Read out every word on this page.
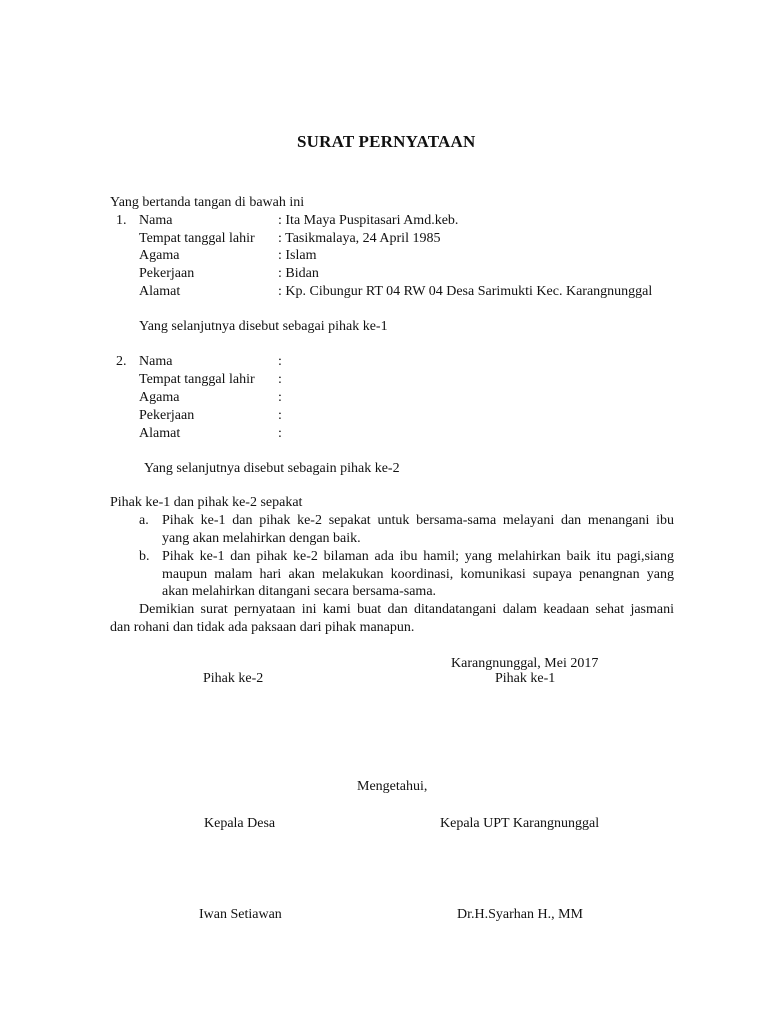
SURAT PERNYATAAN
Yang bertanda tangan di bawah ini
1. Nama	: Ita Maya Puspitasari Amd.keb.
Tempat tanggal lahir : Tasikmalaya, 24 April 1985
Agama	: Islam
Pekerjaan	: Bidan
Alamat	: Kp. Cibungur RT 04 RW 04 Desa Sarimukti Kec. Karangnunggal
Yang selanjutnya disebut sebagai pihak ke-1
2. Nama	:
Tempat tanggal lahir :
Agama	:
Pekerjaan	:
Alamat	:
Yang selanjutnya disebut sebagain pihak ke-2
Pihak ke-1 dan pihak ke-2 sepakat
a. Pihak ke-1 dan pihak ke-2 sepakat untuk bersama-sama melayani dan menangani ibu
yang akan melahirkan dengan baik.
b. Pihak ke-1 dan pihak ke-2 bilaman ada ibu hamil; yang melahirkan baik itu pagi,siang
maupun malam hari akan melakukan koordinasi, komunikasi supaya penangnan yang
akan melahirkan ditangani secara bersama-sama.
Demikian surat pernyataan ini kami buat dan ditandatangani dalam keadaan sehat jasmani
dan rohani dan tidak ada paksaan dari pihak manapun.
Karangnunggal, Mei 2017
Pihak ke-2	Pihak ke-1
Mengetahui,
Kepala Desa	Kepala UPT Karangnunggal
Iwan Setiawan	Dr.H.Syarhan H., MM
